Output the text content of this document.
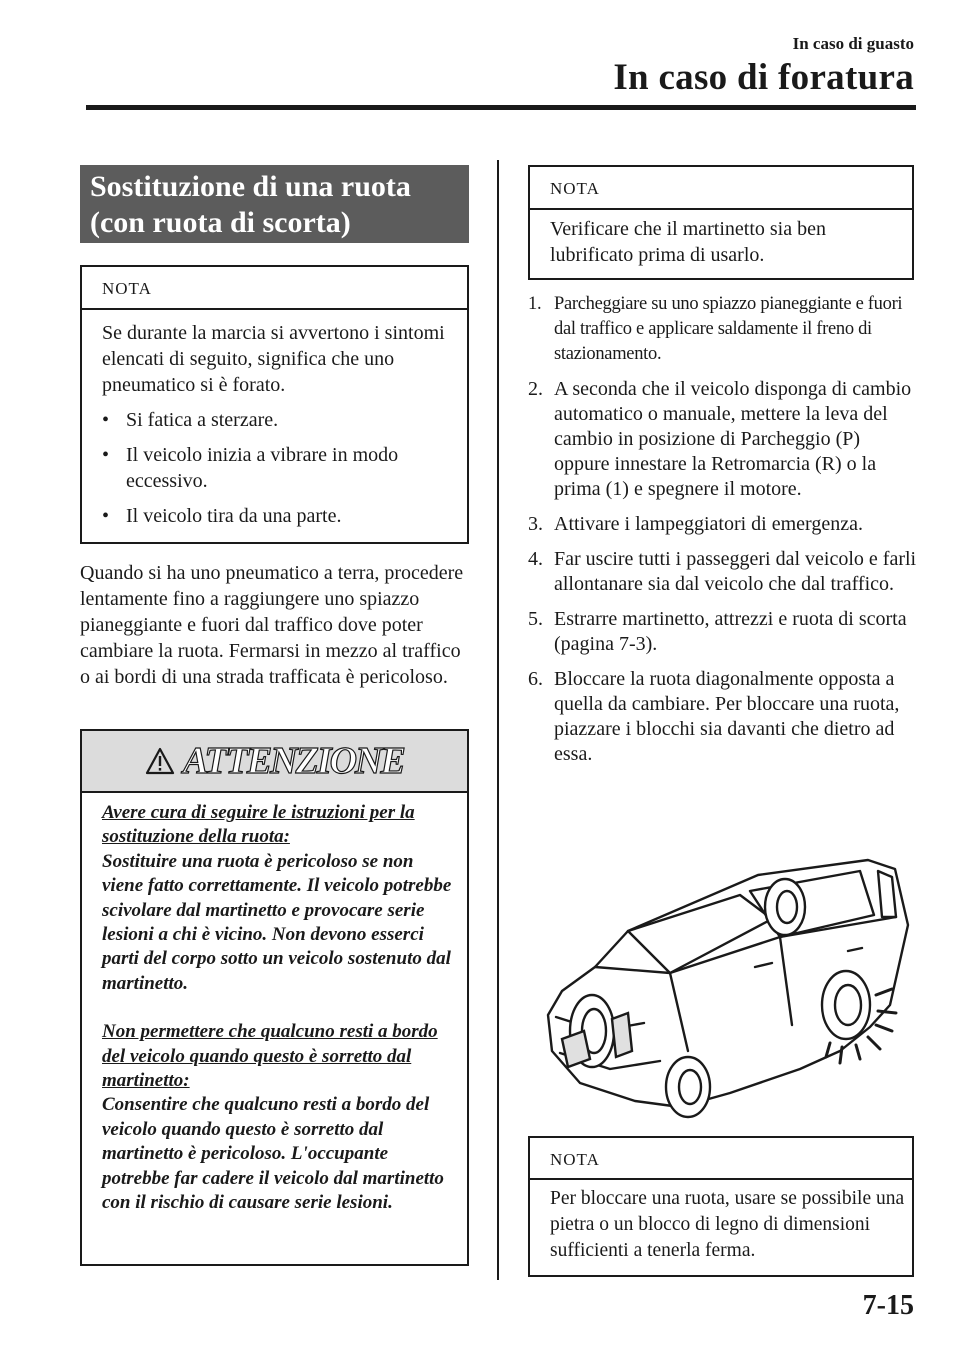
In caso di guasto
In caso di foratura
Sostituzione di una ruota
(con ruota di scorta)
NOTA

Se durante la marcia si avvertono i sintomi elencati di seguito, significa che uno pneumatico si è forato.

• Si fatica a sterzare.
• Il veicolo inizia a vibrare in modo eccessivo.
• Il veicolo tira da una parte.
Quando si ha uno pneumatico a terra, procedere lentamente fino a raggiungere uno spiazzo pianeggiante e fuori dal traffico dove poter cambiare la ruota. Fermarsi in mezzo al traffico o ai bordi di una strada trafficata è pericoloso.
ATTENZIONE

Avere cura di seguire le istruzioni per la sostituzione della ruota:

Sostituire una ruota è pericoloso se non viene fatto correttamente. Il veicolo potrebbe scivolare dal martinetto e provocare serie lesioni a chi è vicino. Non devono esserci parti del corpo sotto un veicolo sostenuto dal martinetto.

Non permettere che qualcuno resti a bordo del veicolo quando questo è sorretto dal martinetto:

Consentire che qualcuno resti a bordo del veicolo quando questo è sorretto dal martinetto è pericoloso. L'occupante potrebbe far cadere il veicolo dal martinetto con il rischio di causare serie lesioni.

NOTA
Verificare che il martinetto sia ben lubrificato prima di usarlo.
1. Parcheggiare su uno spiazzo pianeggiante e fuori dal traffico e applicare saldamente il freno di stazionamento.
2. A seconda che il veicolo disponga di cambio automatico o manuale, mettere la leva del cambio in posizione di Parcheggio (P) oppure innestare la Retromarcia (R) o la prima (1) e spegnere il motore.
3. Attivare i lampeggiatori di emergenza.
4. Far uscire tutti i passeggeri dal veicolo e farli allontanare sia dal veicolo che dal traffico.
5. Estrarre martinetto, attrezzi e ruota di scorta (pagina 7-3).
6. Bloccare la ruota diagonalmente opposta a quella da cambiare. Per bloccare una ruota, piazzare i blocchi sia davanti che dietro ad essa.
NOTA
Per bloccare una ruota, usare se possibile una pietra o un blocco di legno di dimensioni sufficienti a tenerla ferma.
7-15
